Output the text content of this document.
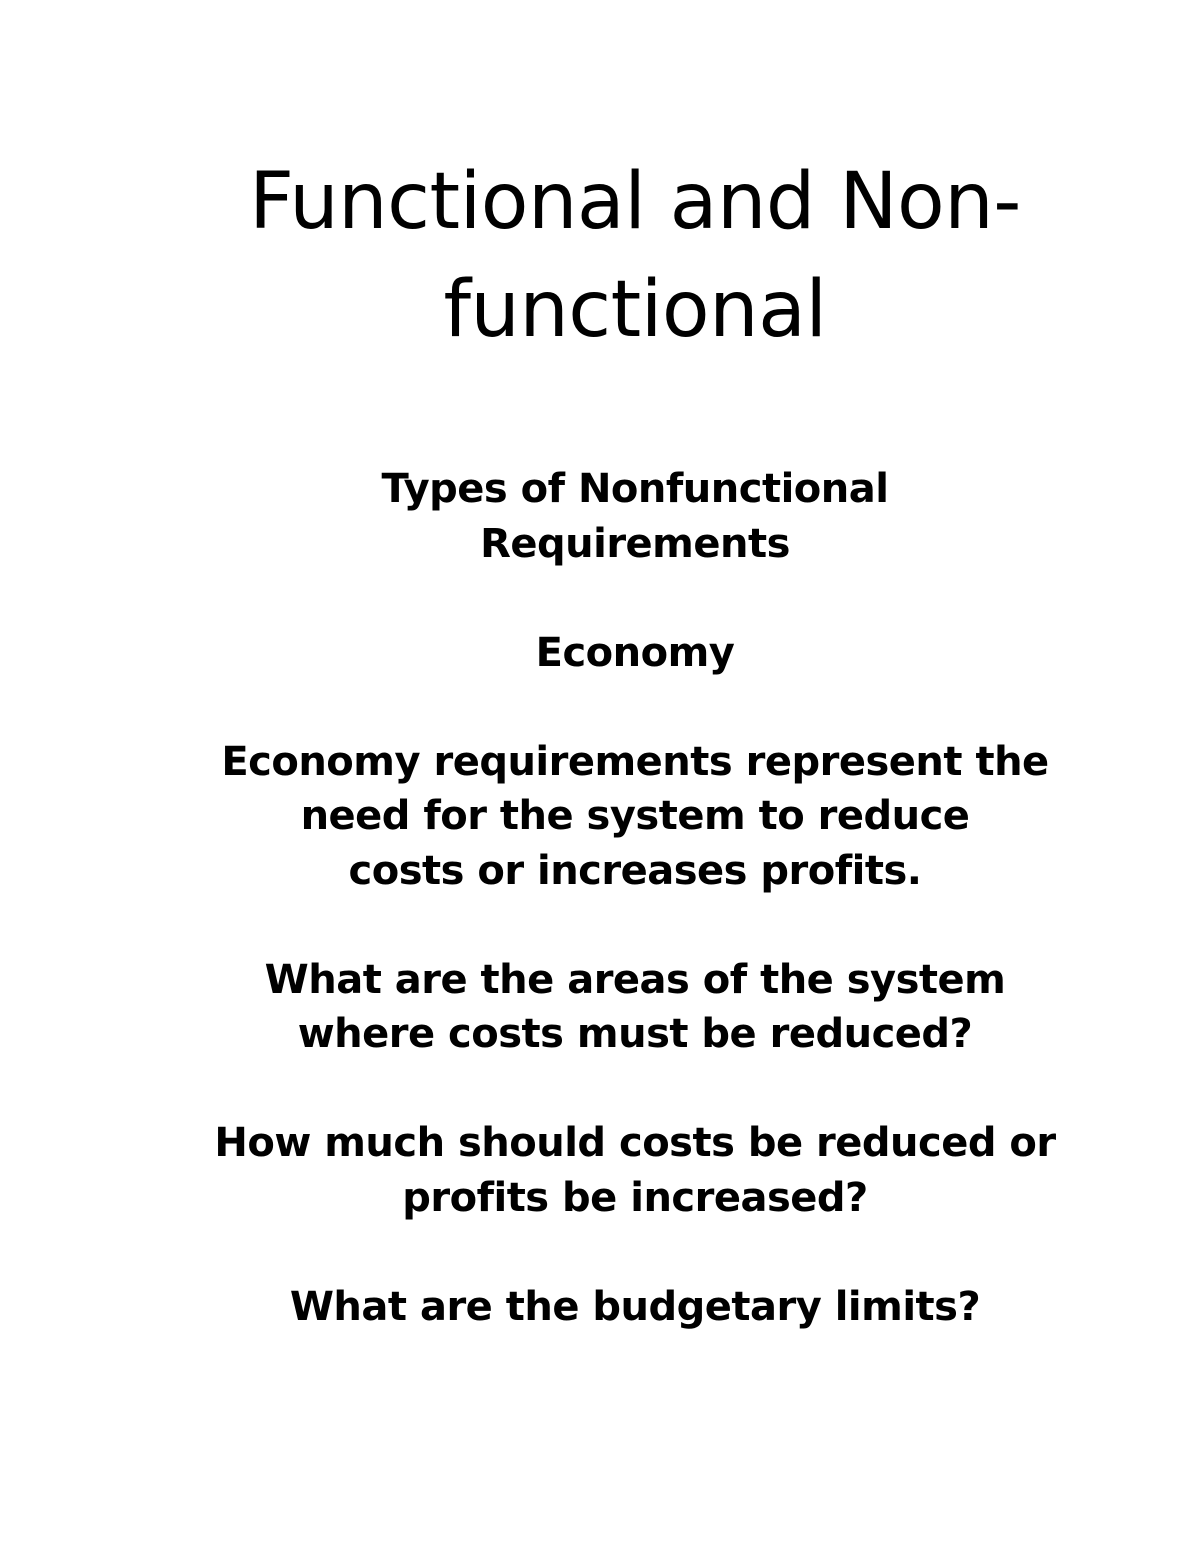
Functional and Non-
functional

Types of Nonfunctional
Requirements

Economy

Economy requirements represent the
need for the system to reduce
costs or increases profits.

What are the areas of the system
where costs must be reduced?

How much should costs be reduced or
profits be increased?

What are the budgetary limits?
